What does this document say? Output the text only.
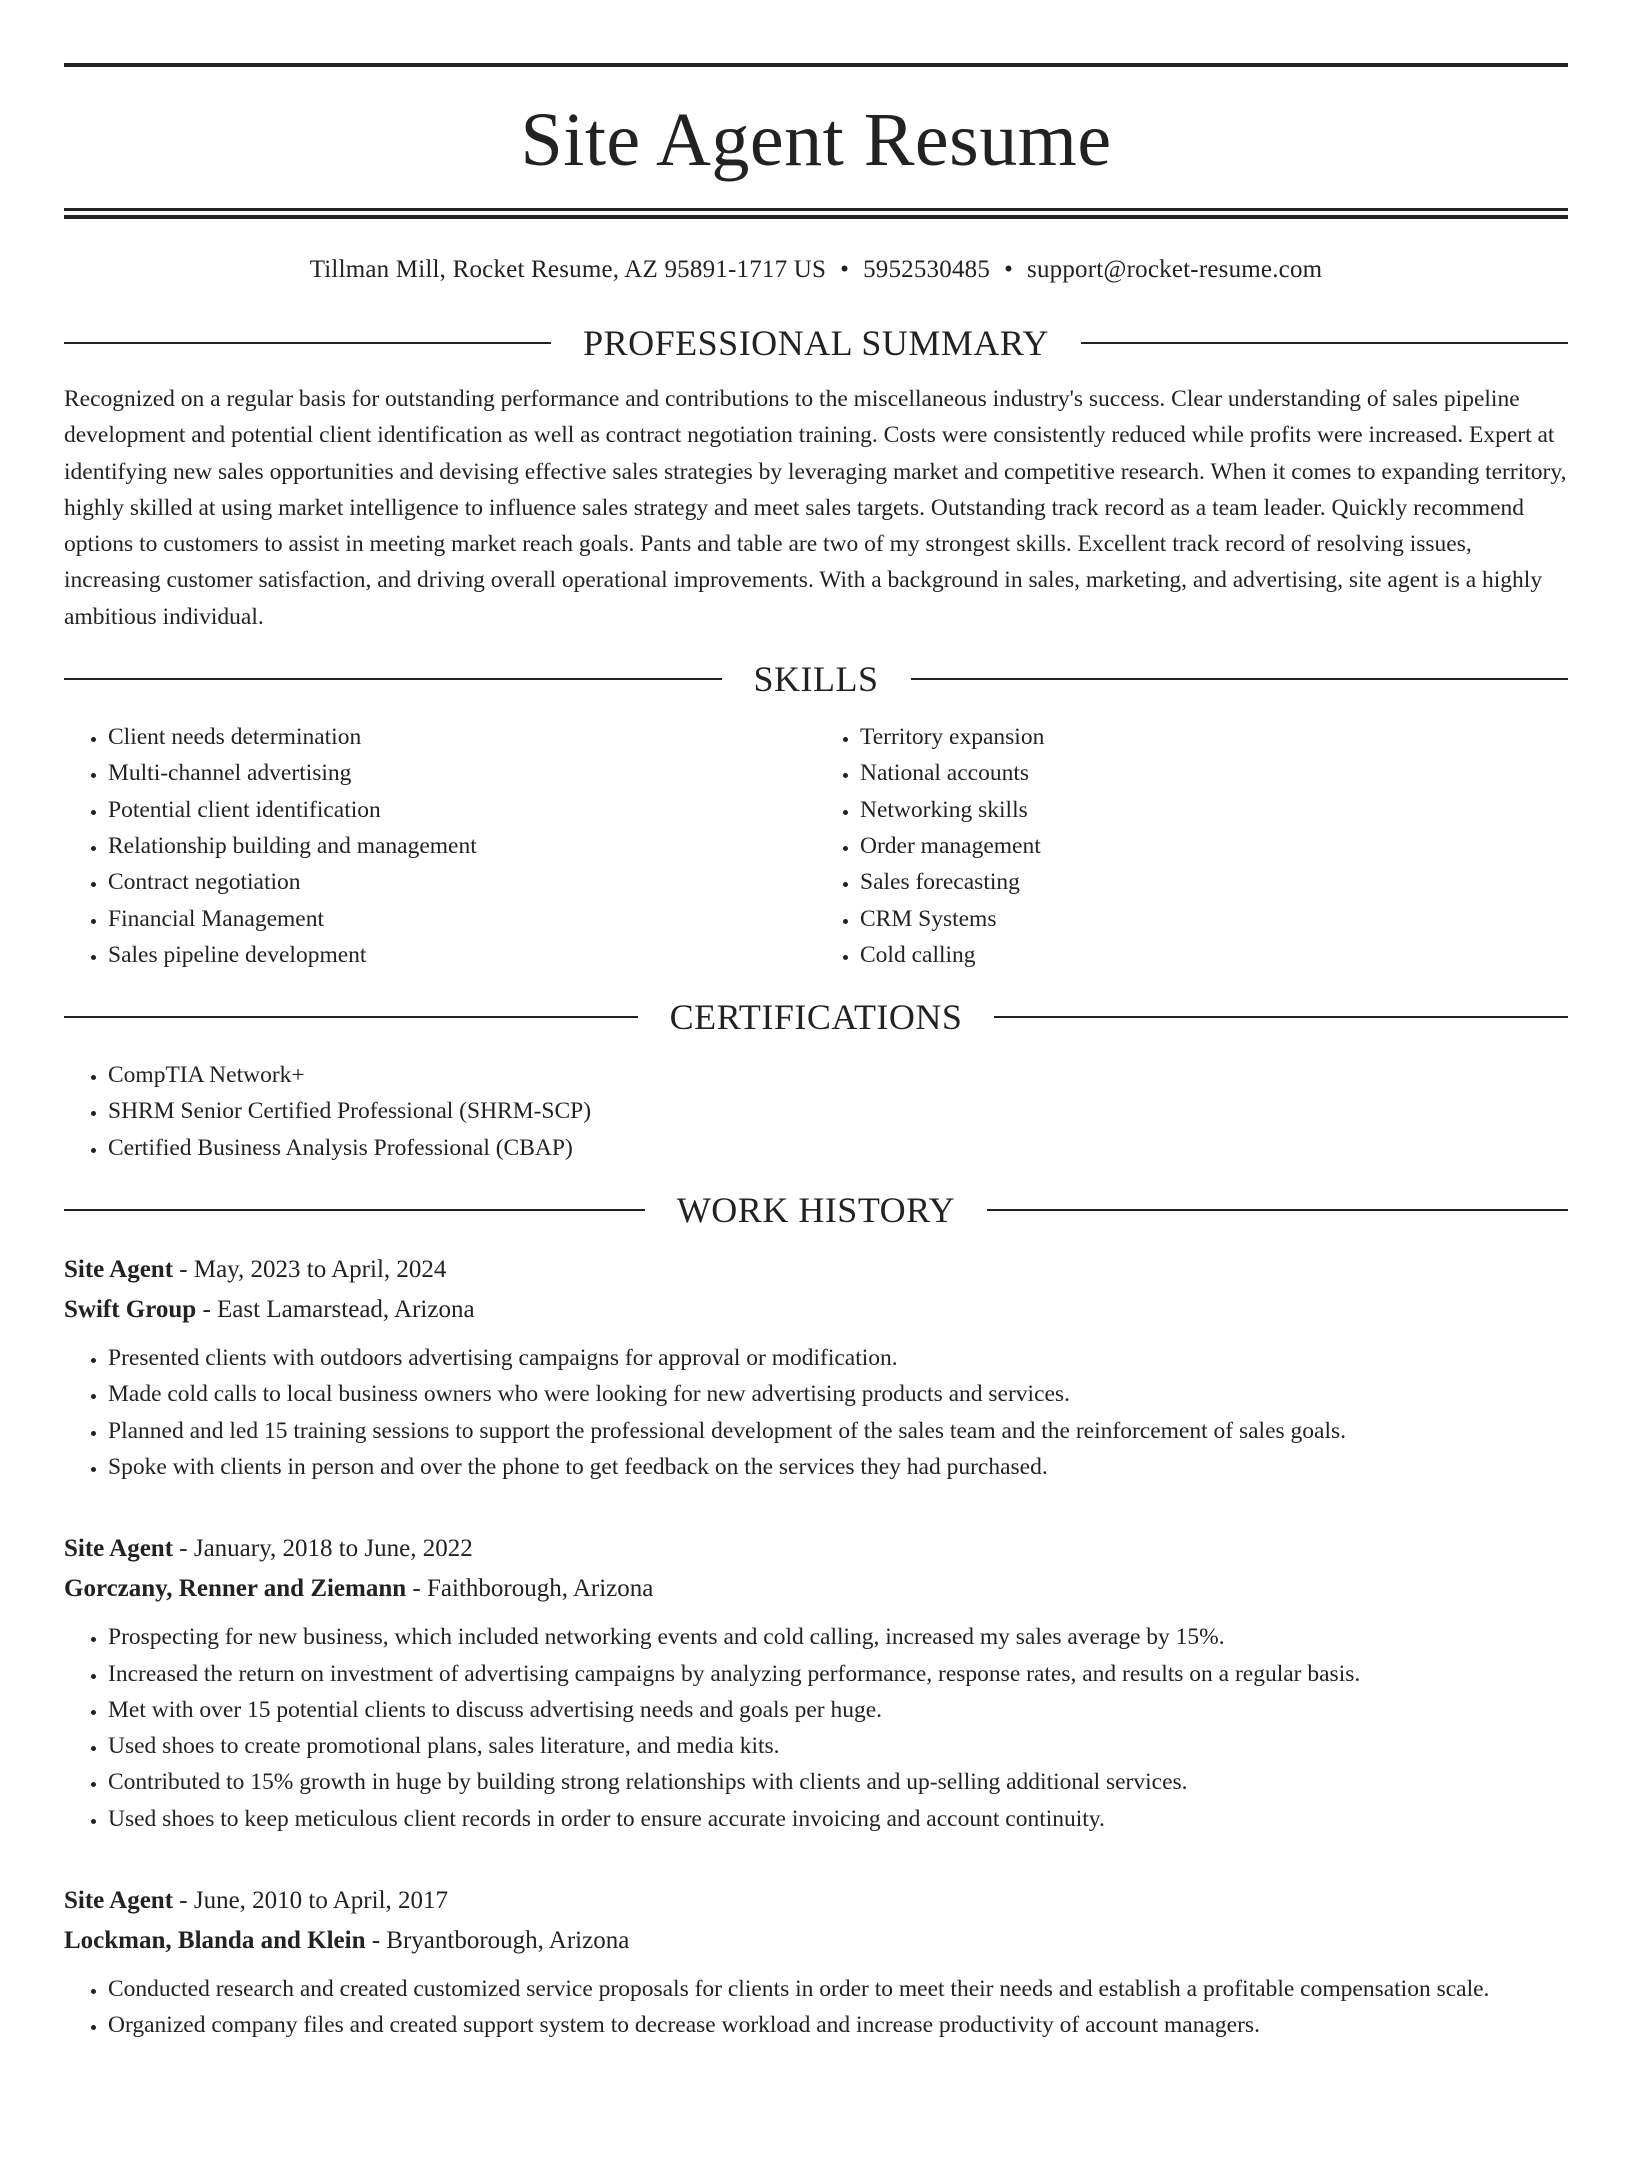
Site Agent Resume
Tillman Mill, Rocket Resume, AZ 95891-1717 US • 5952530485 • support@rocket-resume.com
PROFESSIONAL SUMMARY
Recognized on a regular basis for outstanding performance and contributions to the miscellaneous industry's success. Clear understanding of sales pipeline development and potential client identification as well as contract negotiation training. Costs were consistently reduced while profits were increased. Expert at identifying new sales opportunities and devising effective sales strategies by leveraging market and competitive research. When it comes to expanding territory, highly skilled at using market intelligence to influence sales strategy and meet sales targets. Outstanding track record as a team leader. Quickly recommend options to customers to assist in meeting market reach goals. Pants and table are two of my strongest skills. Excellent track record of resolving issues, increasing customer satisfaction, and driving overall operational improvements. With a background in sales, marketing, and advertising, site agent is a highly ambitious individual.
SKILLS
• Client needs determination
• Multi-channel advertising
• Potential client identification
• Relationship building and management
• Contract negotiation
• Financial Management
• Sales pipeline development
• Territory expansion
• National accounts
• Networking skills
• Order management
• Sales forecasting
• CRM Systems
• Cold calling
CERTIFICATIONS
• CompTIA Network+
• SHRM Senior Certified Professional (SHRM-SCP)
• Certified Business Analysis Professional (CBAP)
WORK HISTORY
Site Agent - May, 2023 to April, 2024
Swift Group - East Lamarstead, Arizona
• Presented clients with outdoors advertising campaigns for approval or modification.
• Made cold calls to local business owners who were looking for new advertising products and services.
• Planned and led 15 training sessions to support the professional development of the sales team and the reinforcement of sales goals.
• Spoke with clients in person and over the phone to get feedback on the services they had purchased.
Site Agent - January, 2018 to June, 2022
Gorczany, Renner and Ziemann - Faithborough, Arizona
• Prospecting for new business, which included networking events and cold calling, increased my sales average by 15%.
• Increased the return on investment of advertising campaigns by analyzing performance, response rates, and results on a regular basis.
• Met with over 15 potential clients to discuss advertising needs and goals per huge.
• Used shoes to create promotional plans, sales literature, and media kits.
• Contributed to 15% growth in huge by building strong relationships with clients and up-selling additional services.
• Used shoes to keep meticulous client records in order to ensure accurate invoicing and account continuity.
Site Agent - June, 2010 to April, 2017
Lockman, Blanda and Klein - Bryantborough, Arizona
• Conducted research and created customized service proposals for clients in order to meet their needs and establish a profitable compensation scale.
• Organized company files and created support system to decrease workload and increase productivity of account managers.
